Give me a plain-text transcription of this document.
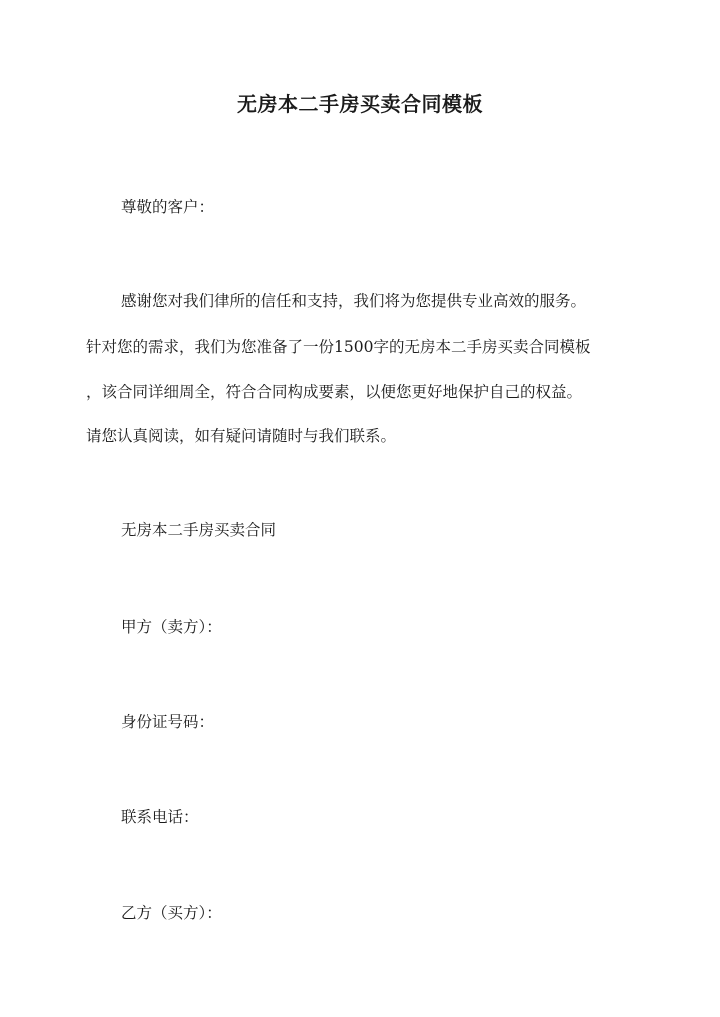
无房本二手房买卖合同模板
尊敬的客户：
感谢您对我们律所的信任和支持，我们将为您提供专业高效的服务。
针对您的需求，我们为您准备了一份1500字的无房本二手房买卖合同模板
，该合同详细周全，符合合同构成要素，以便您更好地保护自己的权益。
请您认真阅读，如有疑问请随时与我们联系。
无房本二手房买卖合同
甲方（卖方）：
身份证号码：
联系电话：
乙方（买方）：
